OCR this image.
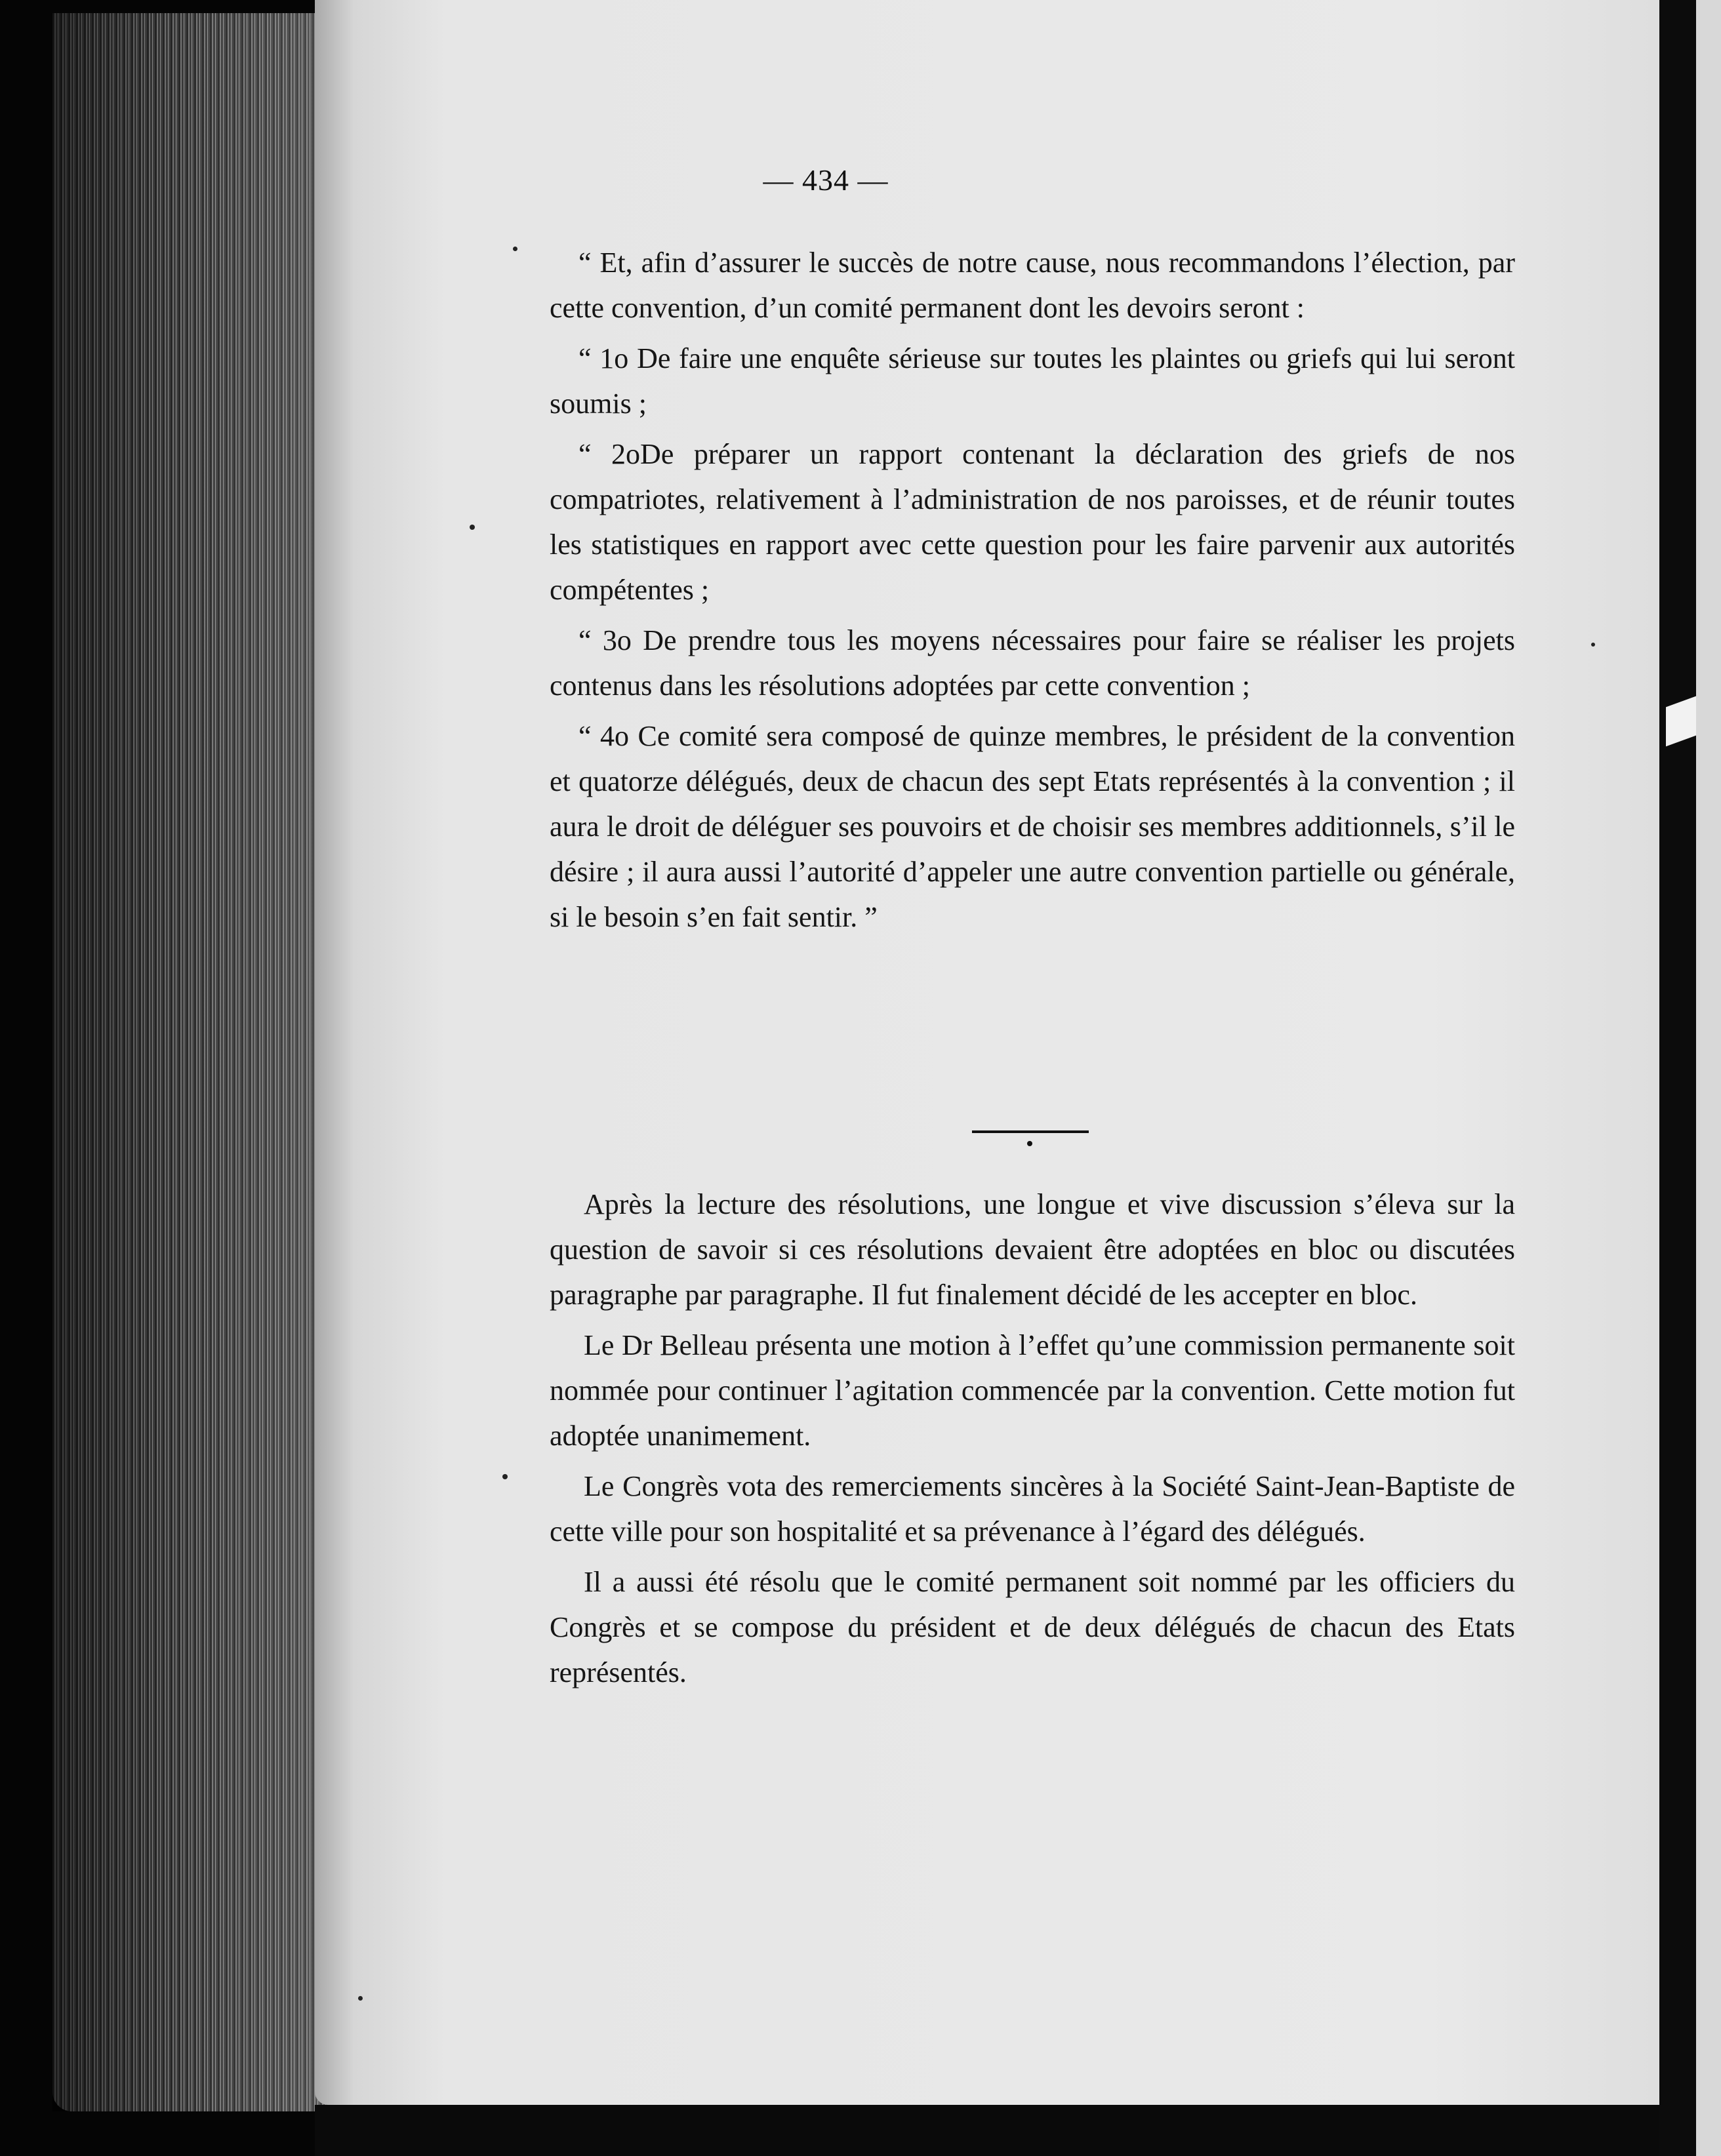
— 434 —

“ Et, afin d’assurer le succès de notre cause, nous recommandons l’élection, par cette convention, d’un comité permanent dont les devoirs seront :

“ 1o De faire une enquête sérieuse sur toutes les plaintes ou griefs qui lui seront soumis ;

“ 2oDe préparer un rapport contenant la déclaration des griefs de nos compatriotes, relativement à l’administration de nos paroisses, et de réunir toutes les statistiques en rapport avec cette question pour les faire parvenir aux autorités compétentes ;

“ 3o De prendre tous les moyens nécessaires pour faire se réaliser les projets contenus dans les résolutions adoptées par cette convention ;

“ 4o Ce comité sera composé de quinze membres, le président de la convention et quatorze délégués, deux de chacun des sept Etats représentés à la convention ; il aura le droit de déléguer ses pouvoirs et de choisir ses membres additionnels, s’il le désire ; il aura aussi l’autorité d’appeler une autre convention partielle ou générale, si le besoin s’en fait sentir. ”

Après la lecture des résolutions, une longue et vive discussion s’éleva sur la question de savoir si ces résolutions devaient être adoptées en bloc ou discutées paragraphe par paragraphe. Il fut finalement décidé de les accepter en bloc.

Le Dr Belleau présenta une motion à l’effet qu’une commission permanente soit nommée pour continuer l’agitation commencée par la convention. Cette motion fut adoptée unanimement.

Le Congrès vota des remerciements sincères à la Société Saint-Jean-Baptiste de cette ville pour son hospitalité et sa prévenance à l’égard des délégués.

Il a aussi été résolu que le comité permanent soit nommé par les officiers du Congrès et se compose du président et de deux délégués de chacun des Etats représentés.
